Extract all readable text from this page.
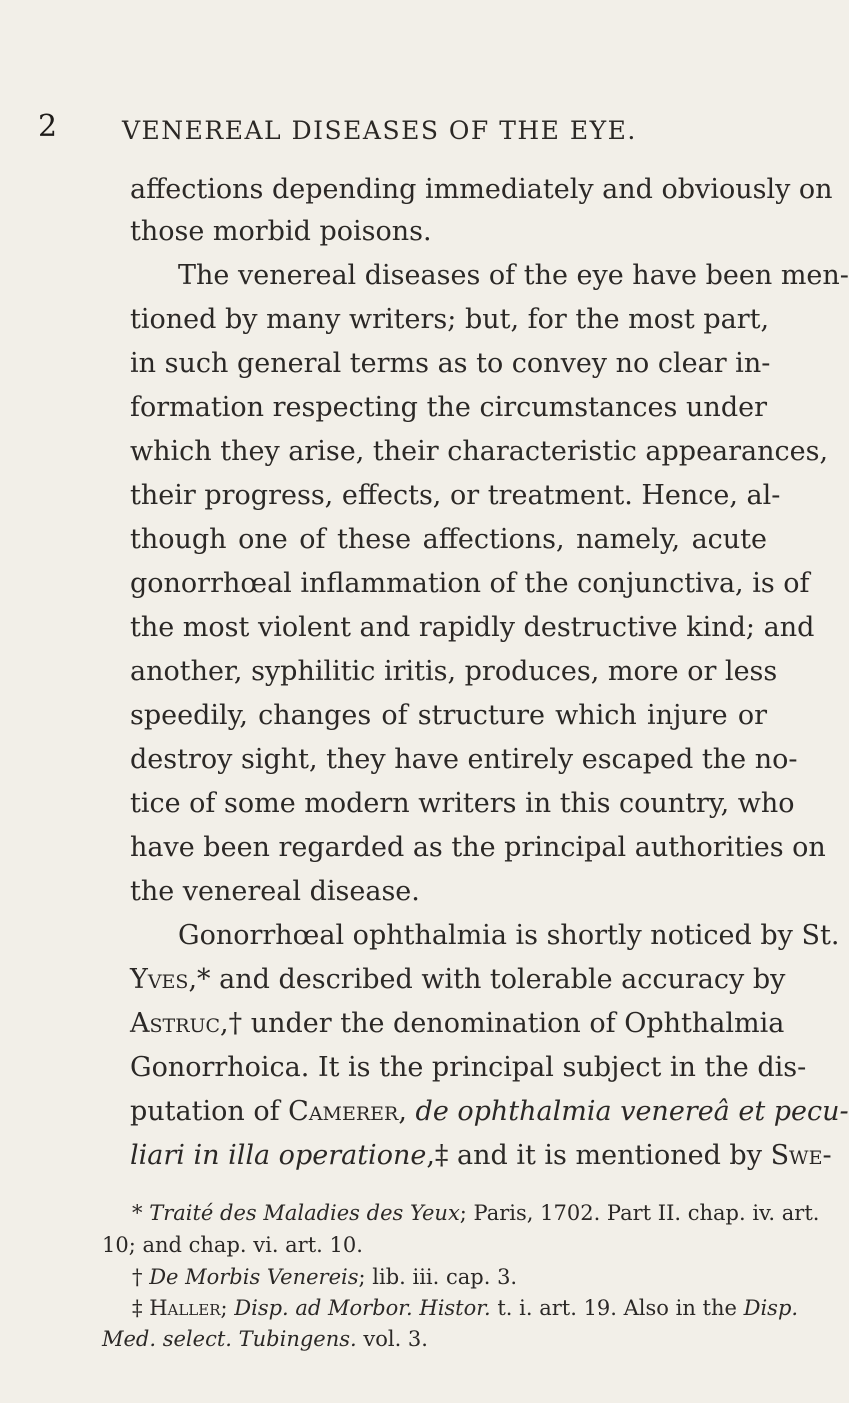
2	VENEREAL DISEASES OF THE EYE.
affections depending immediately and obviously on
those morbid poisons.
The venereal diseases of the eye have been men-
tioned by many writers; but, for the most part,
in such general terms as to convey no clear in-
formation respecting the circumstances under
which they arise, their characteristic appearances,
their progress, effects, or treatment. Hence, al-
though one of these affections, namely, acute
gonorrhœal inflammation of the conjunctiva, is of
the most violent and rapidly destructive kind; and
another, syphilitic iritis, produces, more or less
speedily, changes of structure which injure or
destroy sight, they have entirely escaped the no-
tice of some modern writers in this country, who
have been regarded as the principal authorities on
the venereal disease.
Gonorrhœal ophthalmia is shortly noticed by St.
Yves,* and described with tolerable accuracy by
Astruc,† under the denomination of Ophthalmia
Gonorrhoica. It is the principal subject in the dis-
putation of Camerer, de ophthalmia venereâ et pecu-
liari in illa operatione,‡ and it is mentioned by Swe-
* Traité des Maladies des Yeux; Paris, 1702. Part II. chap. iv. art.
10; and chap. vi. art. 10.
† De Morbis Venereis; lib. iii. cap. 3.
‡ Haller; Disp. ad Morbor. Histor. t. i. art. 19. Also in the Disp.
Med. select. Tubingens. vol. 3.
